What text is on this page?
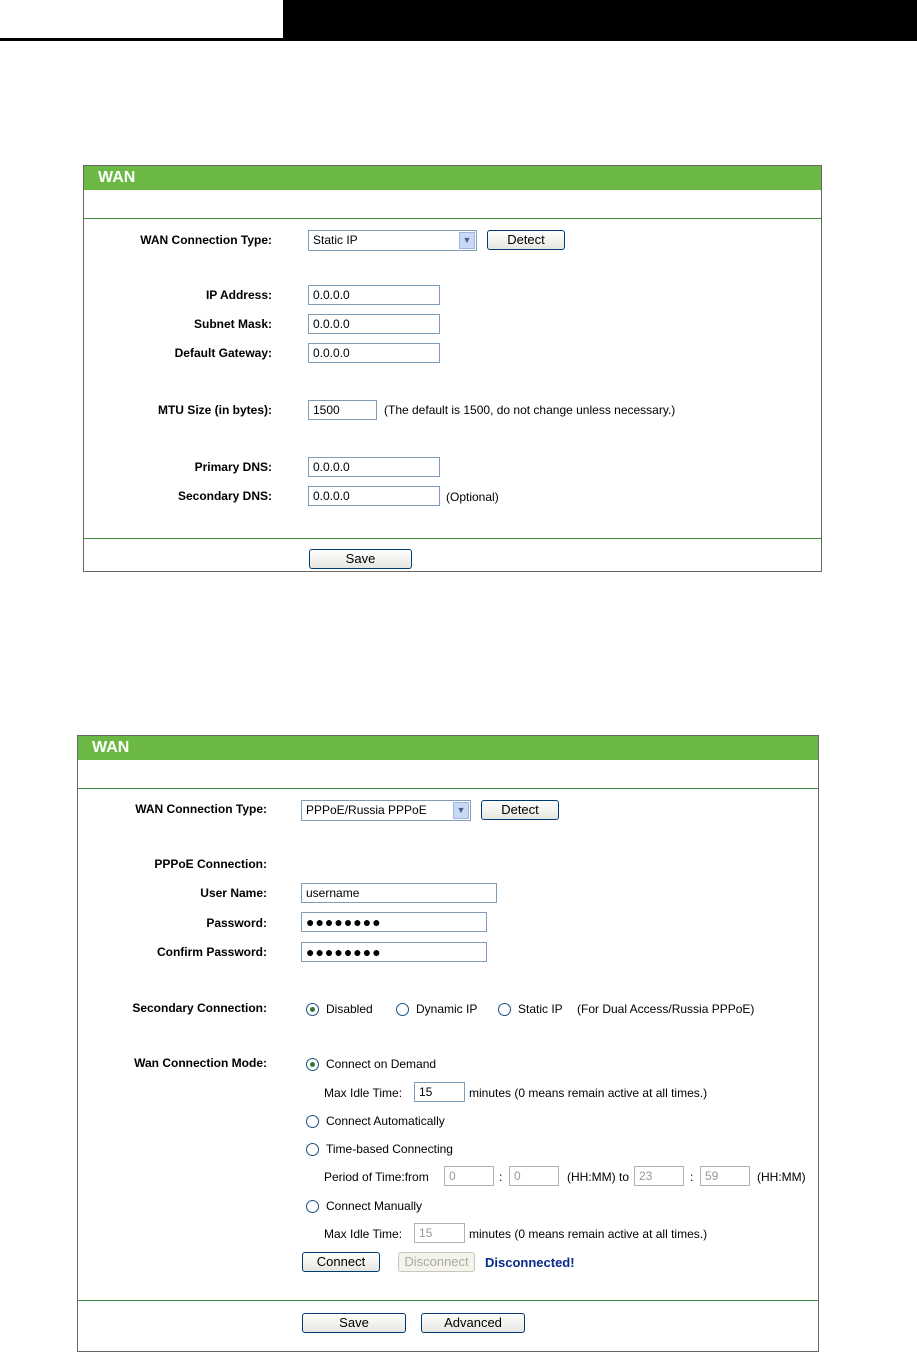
WAN
WAN Connection Type:	Static IP	▼	Detect
IP Address:	0.0.0.0
Subnet Mask:	0.0.0.0
Default Gateway:	0.0.0.0
MTU Size (in bytes):	1500	(The default is 1500, do not change unless necessary.)
Primary DNS:	0.0.0.0
Secondary DNS:	0.0.0.0	(Optional)
Save
WAN
WAN Connection Type:	PPPoE/Russia PPPoE	▼	Detect
PPPoE Connection:
User Name:	username
Password:	●●●●●●●●
Confirm Password:	●●●●●●●●
Secondary Connection:	Disabled	Dynamic IP	Static IP (For Dual Access/Russia PPPoE)
Wan Connection Mode:	Connect on Demand
Max Idle Time:	15	minutes (0 means remain active at all times.)
Connect Automatically
Time-based Connecting
Period of Time:from	0	: 0	(HH:MM) to 23	: 59	(HH:MM)
Connect Manually
Max Idle Time:	15	minutes (0 means remain active at all times.)
Connect	Disconnect	Disconnected!
Save	Advanced
